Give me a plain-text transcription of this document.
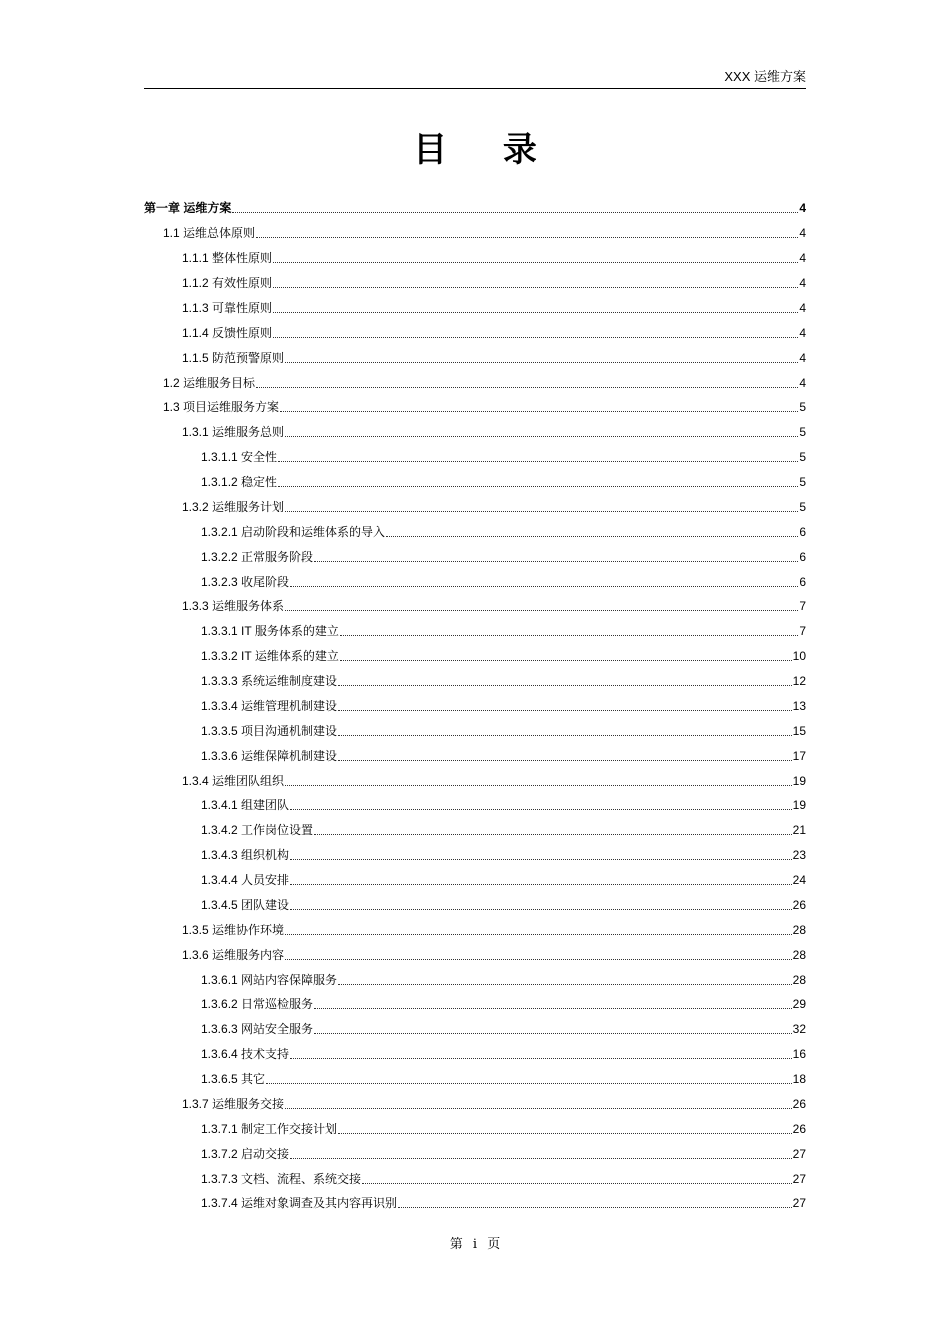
XXX 运维方案
目 录
第一章 运维方案	4
1.1 运维总体原则	4
1.1.1 整体性原则	4
1.1.2 有效性原则	4
1.1.3 可靠性原则	4
1.1.4 反馈性原则	4
1.1.5 防范预警原则	4
1.2 运维服务目标	4
1.3 项目运维服务方案	5
1.3.1 运维服务总则	5
1.3.1.1 安全性	5
1.3.1.2 稳定性	5
1.3.2 运维服务计划	5
1.3.2.1 启动阶段和运维体系的导入	6
1.3.2.2 正常服务阶段	6
1.3.2.3 收尾阶段	6
1.3.3 运维服务体系	7
1.3.3.1 IT 服务体系的建立	7
1.3.3.2 IT 运维体系的建立	10
1.3.3.3 系统运维制度建设	12
1.3.3.4 运维管理机制建设	13
1.3.3.5 项目沟通机制建设	15
1.3.3.6 运维保障机制建设	17
1.3.4 运维团队组织	19
1.3.4.1 组建团队	19
1.3.4.2 工作岗位设置	21
1.3.4.3 组织机构	23
1.3.4.4 人员安排	24
1.3.4.5 团队建设	26
1.3.5 运维协作环境	28
1.3.6 运维服务内容	28
1.3.6.1 网站内容保障服务	28
1.3.6.2 日常巡检服务	29
1.3.6.3 网站安全服务	32
1.3.6.4 技术支持	16
1.3.6.5 其它	18
1.3.7 运维服务交接	26
1.3.7.1 制定工作交接计划	26
1.3.7.2 启动交接	27
1.3.7.3 文档、流程、系统交接	27
1.3.7.4 运维对象调查及其内容再识别	27
第 i 页
